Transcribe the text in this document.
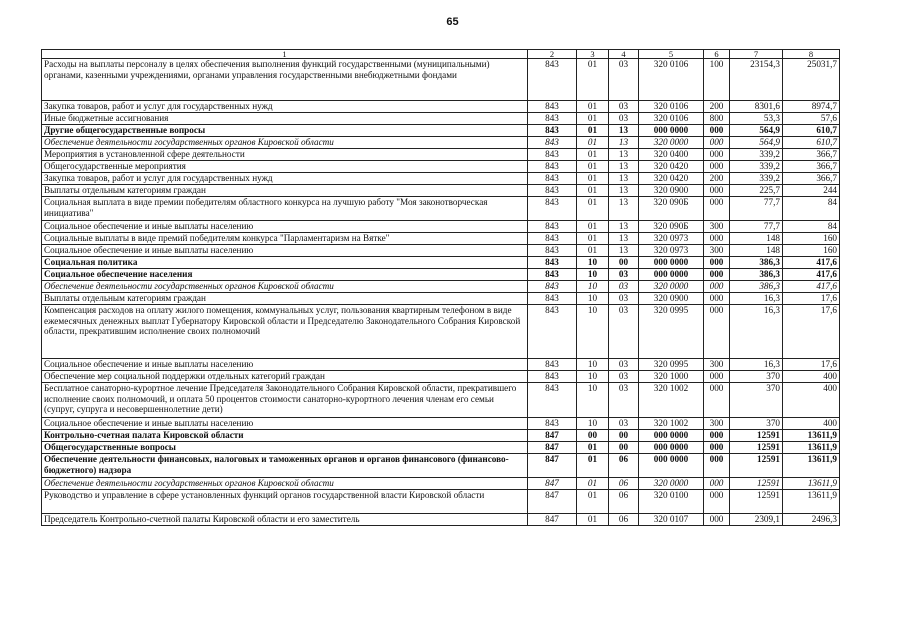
65
1	2	3	4	5	6	7	8
Расходы на выплаты персоналу в целях обеспечения выполнения функций государственными (муниципальными) органами, казенными учреждениями, органами управления государственными внебюджетными фондами	843	01	03	320 0106	100	23154,3	25031,7
Закупка товаров, работ и услуг для государственных нужд	843	01	03	320 0106	200	8301,6	8974,7
Иные бюджетные ассигнования	843	01	03	320 0106	800	53,3	57,6
Другие общегосударственные вопросы	843	01	13	000 0000	000	564,9	610,7
Обеспечение деятельности государственных органов Кировской области	843	01	13	320 0000	000	564,9	610,7
Мероприятия в установленной сфере деятельности	843	01	13	320 0400	000	339,2	366,7
Общегосударственные мероприятия	843	01	13	320 0420	000	339,2	366,7
Закупка товаров, работ и услуг для государственных нужд	843	01	13	320 0420	200	339,2	366,7
Выплаты отдельным категориям граждан	843	01	13	320 0900	000	225,7	244
Социальная выплата в виде премии победителям областного конкурса на лучшую работу "Моя законотворческая инициатива"	843	01	13	320 090Б	000	77,7	84
Социальное обеспечение и иные выплаты населению	843	01	13	320 090Б	300	77,7	84
Социальные выплаты в виде премий победителям конкурса "Парламентаризм на Вятке"	843	01	13	320 0973	000	148	160
Социальное обеспечение и иные выплаты населению	843	01	13	320 0973	300	148	160
Социальная политика	843	10	00	000 0000	000	386,3	417,6
Социальное обеспечение населения	843	10	03	000 0000	000	386,3	417,6
Обеспечение деятельности государственных органов Кировской области	843	10	03	320 0000	000	386,3	417,6
Выплаты отдельным категориям граждан	843	10	03	320 0900	000	16,3	17,6
Компенсация расходов на оплату жилого помещения, коммунальных услуг, пользования квартирным телефоном в виде ежемесячных денежных выплат Губернатору Кировской области и Председателю Законодательного Собрания Кировской области, прекратившим исполнение своих полномочий	843	10	03	320 0995	000	16,3	17,6
Социальное обеспечение и иные выплаты населению	843	10	03	320 0995	300	16,3	17,6
Обеспечение мер социальной поддержки отдельных категорий граждан	843	10	03	320 1000	000	370	400
Бесплатное санаторно-курортное лечение Председателя Законодательного Собрания Кировской области, прекратившего исполнение своих полномочий, и оплата 50 процентов стоимости санаторно-курортного лечения членам его семьи (супруг, супруга и несовершеннолетние дети)	843	10	03	320 1002	000	370	400
Социальное обеспечение и иные выплаты населению	843	10	03	320 1002	300	370	400
Контрольно-счетная палата Кировской области	847	00	00	000 0000	000	12591	13611,9
Общегосударственные вопросы	847	01	00	000 0000	000	12591	13611,9
Обеспечение деятельности финансовых, налоговых и таможенных органов и органов финансового (финансово-бюджетного) надзора	847	01	06	000 0000	000	12591	13611,9
Обеспечение деятельности государственных органов Кировской области	847	01	06	320 0000	000	12591	13611,9
Руководство и управление в сфере установленных функций органов государственной власти Кировской области	847	01	06	320 0100	000	12591	13611,9
Председатель Контрольно-счетной палаты Кировской области и его заместитель	847	01	06	320 0107	000	2309,1	2496,3
